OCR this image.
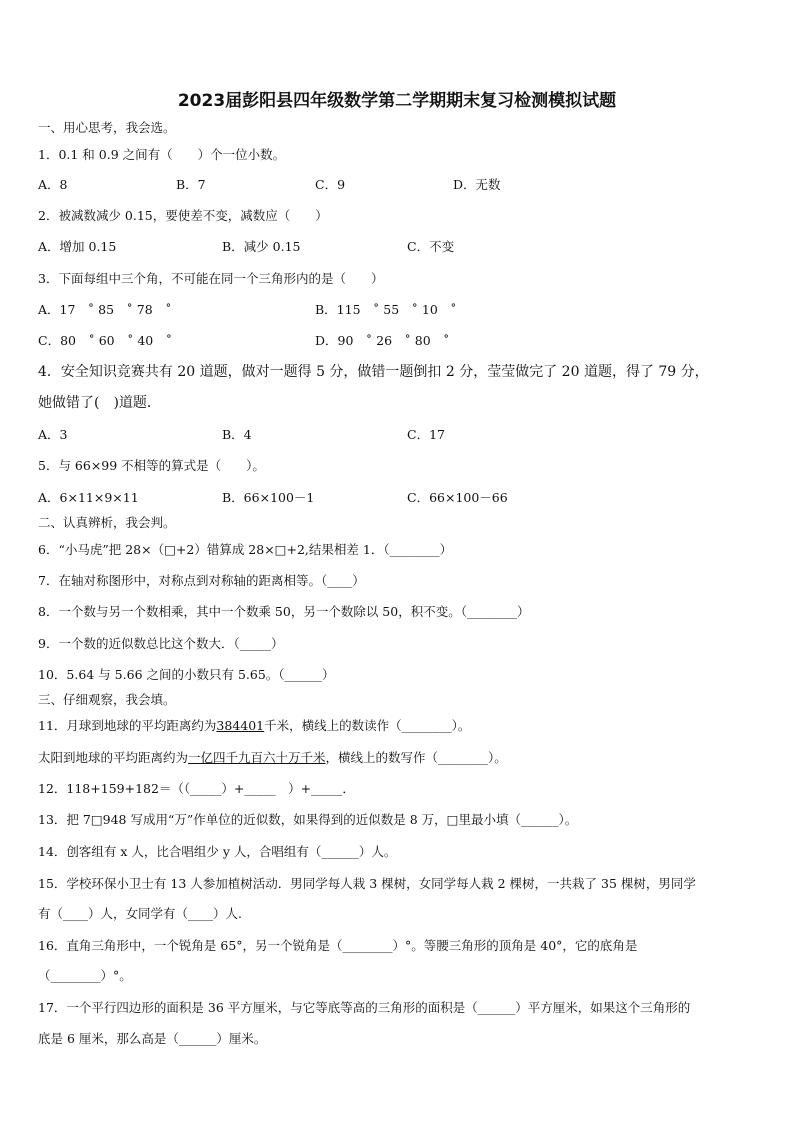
2023届彭阳县四年级数学第二学期期末复习检测模拟试题
一、用心思考，我会选。
1．0.1 和 0.9 之间有（　　）个一位小数。
A．8	B．7	C．9	D．无数
2．被减数减少 0.15，要使差不变，减数应（　　）
A．增加 0.15	B．减少 0.15	C．不变
3．下面每组中三个角，不可能在同一个三角形内的是（　　）
A．17　˚ 85　˚ 78　˚	B．115　˚ 55　˚ 10　˚
C．80　˚ 60　˚ 40　˚	D．90　˚ 26　˚ 80　˚
4．安全知识竞赛共有 20 道题，做对一题得 5 分，做错一题倒扣 2 分，莹莹做完了 20 道题，得了 79 分，
她做错了(　)道题．
A．3	B．4	C．17
5．与 66×99 不相等的算式是（　　）。
A．6×11×9×11	B．66×100－1	C．66×100－66
二、认真辨析，我会判。
6．“小马虎”把 28×（□+2）错算成 28×□+2,结果相差 1．（________）
7．在轴对称图形中，对称点到对称轴的距离相等。（____）
8．一个数与另一个数相乘，其中一个数乘 50，另一个数除以 50，积不变。（________）
9．一个数的近似数总比这个数大．（_____）
10．5.64 与 5.66 之间的小数只有 5.65。（______）
三、仔细观察，我会填。
11．月球到地球的平均距离约为384401千米，横线上的数读作（________）。
太阳到地球的平均距离约为一亿四千九百六十万千米，横线上的数写作（________）。
12．118+159+182＝（（_____）+_____　）+_____．
13．把 7□948 写成用“万”作单位的近似数，如果得到的近似数是 8 万，□里最小填（______）。
14．创客组有 x 人，比合唱组少 y 人，合唱组有（______）人。
15．学校环保小卫士有 13 人参加植树活动．男同学每人栽 3 棵树，女同学每人栽 2 棵树，一共栽了 35 棵树，男同学
有（____）人，女同学有（____）人.
16．直角三角形中，一个锐角是 65°，另一个锐角是（________）°。等腰三角形的顶角是 40°，它的底角是
（________）°。
17．一个平行四边形的面积是 36 平方厘米，与它等底等高的三角形的面积是（______）平方厘米，如果这个三角形的
底是 6 厘米，那么高是（______）厘米。
